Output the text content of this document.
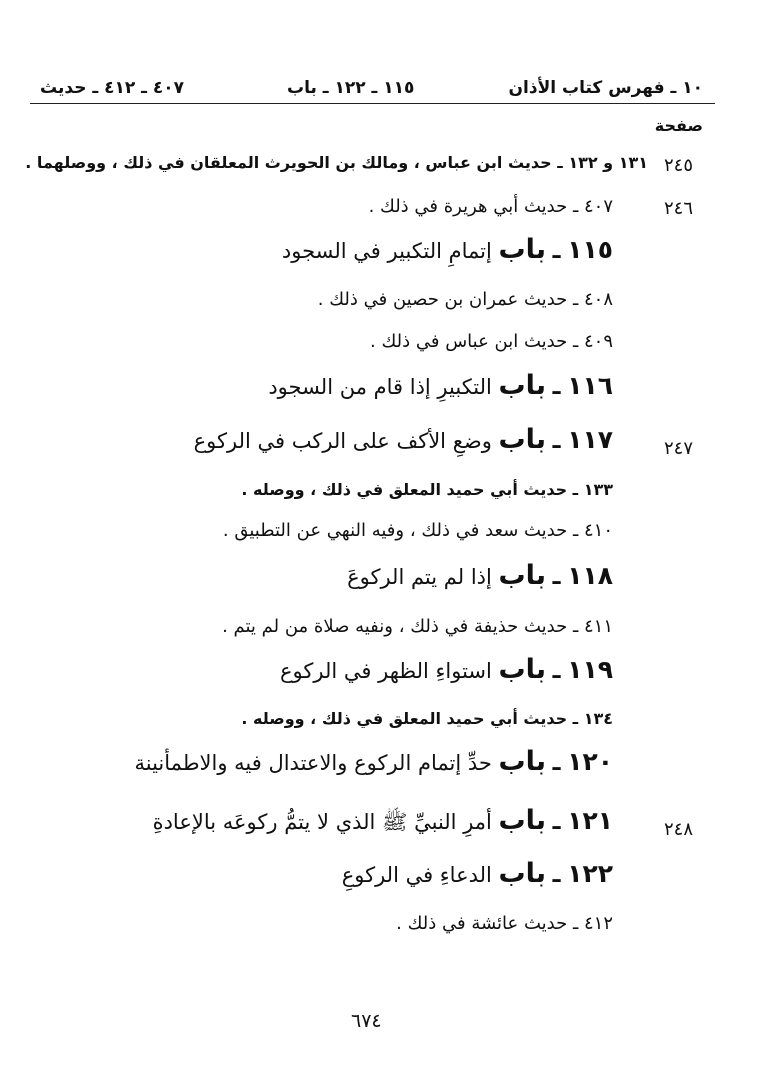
١٠ ـ فهرس كتاب الأذان
١١٥ ـ ١٢٢ ـ باب
٤٠٧ ـ ٤١٢ ـ حديث
صفحة
٢٤٥
١٣١ و ١٣٢ ـ حديث ابن عباس ، ومالك بن الحويرث المعلقان في ذلك ، ووصلهما .
٢٤٦
٤٠٧ ـ حديث أبي هريرة في ذلك .
١١٥ ـ باب إتمامِ التكبير في السجود
٤٠٨ ـ حديث عمران بن حصين في ذلك .
٤٠٩ ـ حديث ابن عباس في ذلك .
١١٦ ـ باب التكبيرِ إذا قام من السجود
٢٤٧
١١٧ ـ باب وضعِ الأكف على الركب في الركوع
١٣٣ ـ حديث أبي حميد المعلق في ذلك ، ووصله .
٤١٠ ـ حديث سعد في ذلك ، وفيه النهي عن التطبيق .
١١٨ ـ باب إذا لم يتم الركوعَ
٤١١ ـ حديث حذيفة في ذلك ، ونفيه صلاة من لم يتم .
١١٩ ـ باب استواءِ الظهر في الركوع
١٣٤ ـ حديث أبي حميد المعلق في ذلك ، ووصله .
١٢٠ ـ باب حدِّ إتمام الركوع والاعتدال فيه والاطمأنينة
٢٤٨
١٢١ ـ باب أمرِ النبيِّ ﷺ الذي لا يتمُّ ركوعَه بالإعادةِ
١٢٢ ـ باب الدعاءِ في الركوعِ
٤١٢ ـ حديث عائشة في ذلك .
٦٧٤
